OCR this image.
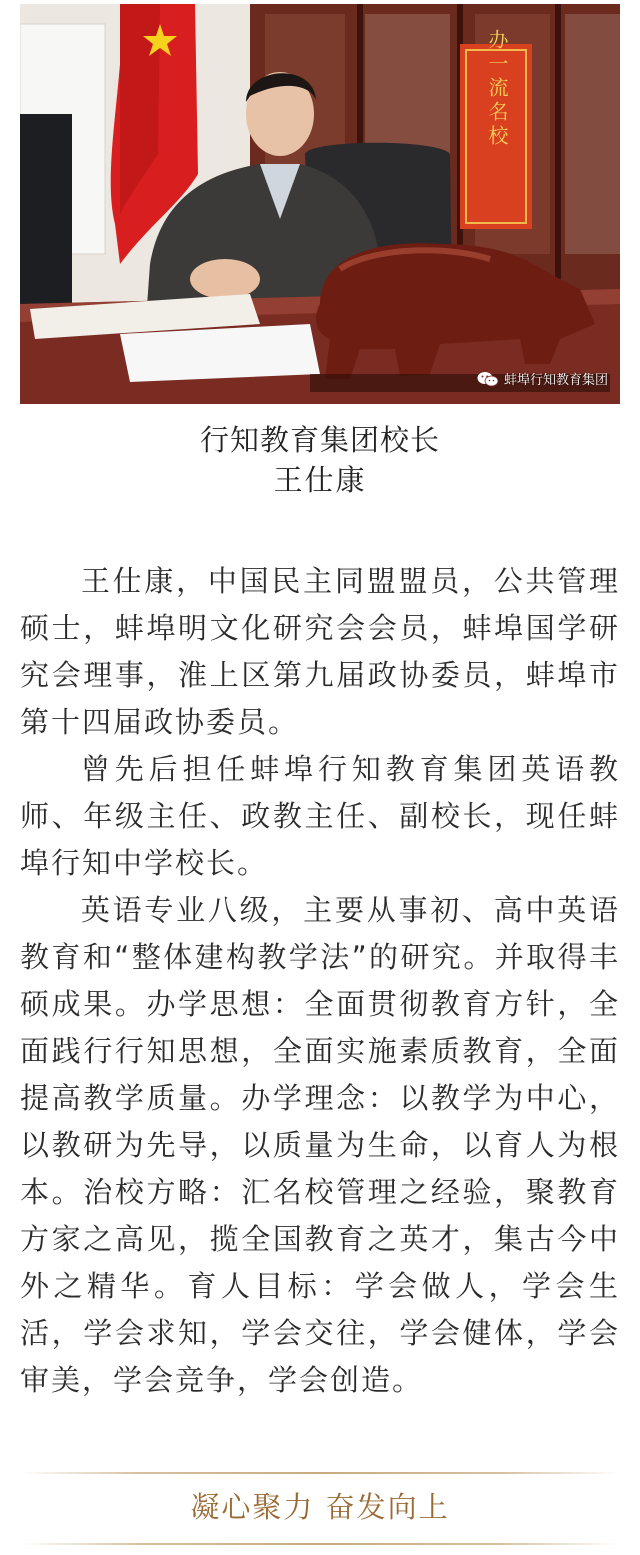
办一流名校
蚌埠行知教育集团
行知教育集团校长
王仕康

王仕康，中国民主同盟盟员，公共管理硕士，蚌埠明文化研究会会员，蚌埠国学研究会理事，淮上区第九届政协委员，蚌埠市第十四届政协委员。

曾先后担任蚌埠行知教育集团英语教师、年级主任、政教主任、副校长，现任蚌埠行知中学校长。

英语专业八级，主要从事初、高中英语教育和“整体建构教学法”的研究。并取得丰硕成果。办学思想：全面贯彻教育方针，全面践行行知思想，全面实施素质教育，全面提高教学质量。办学理念：以教学为中心，以教研为先导，以质量为生命，以育人为根本。治校方略：汇名校管理之经验，聚教育方家之高见，揽全国教育之英才，集古今中外之精华。育人目标：学会做人，学会生活，学会求知，学会交往，学会健体，学会审美，学会竞争，学会创造。

凝心聚力 奋发向上
